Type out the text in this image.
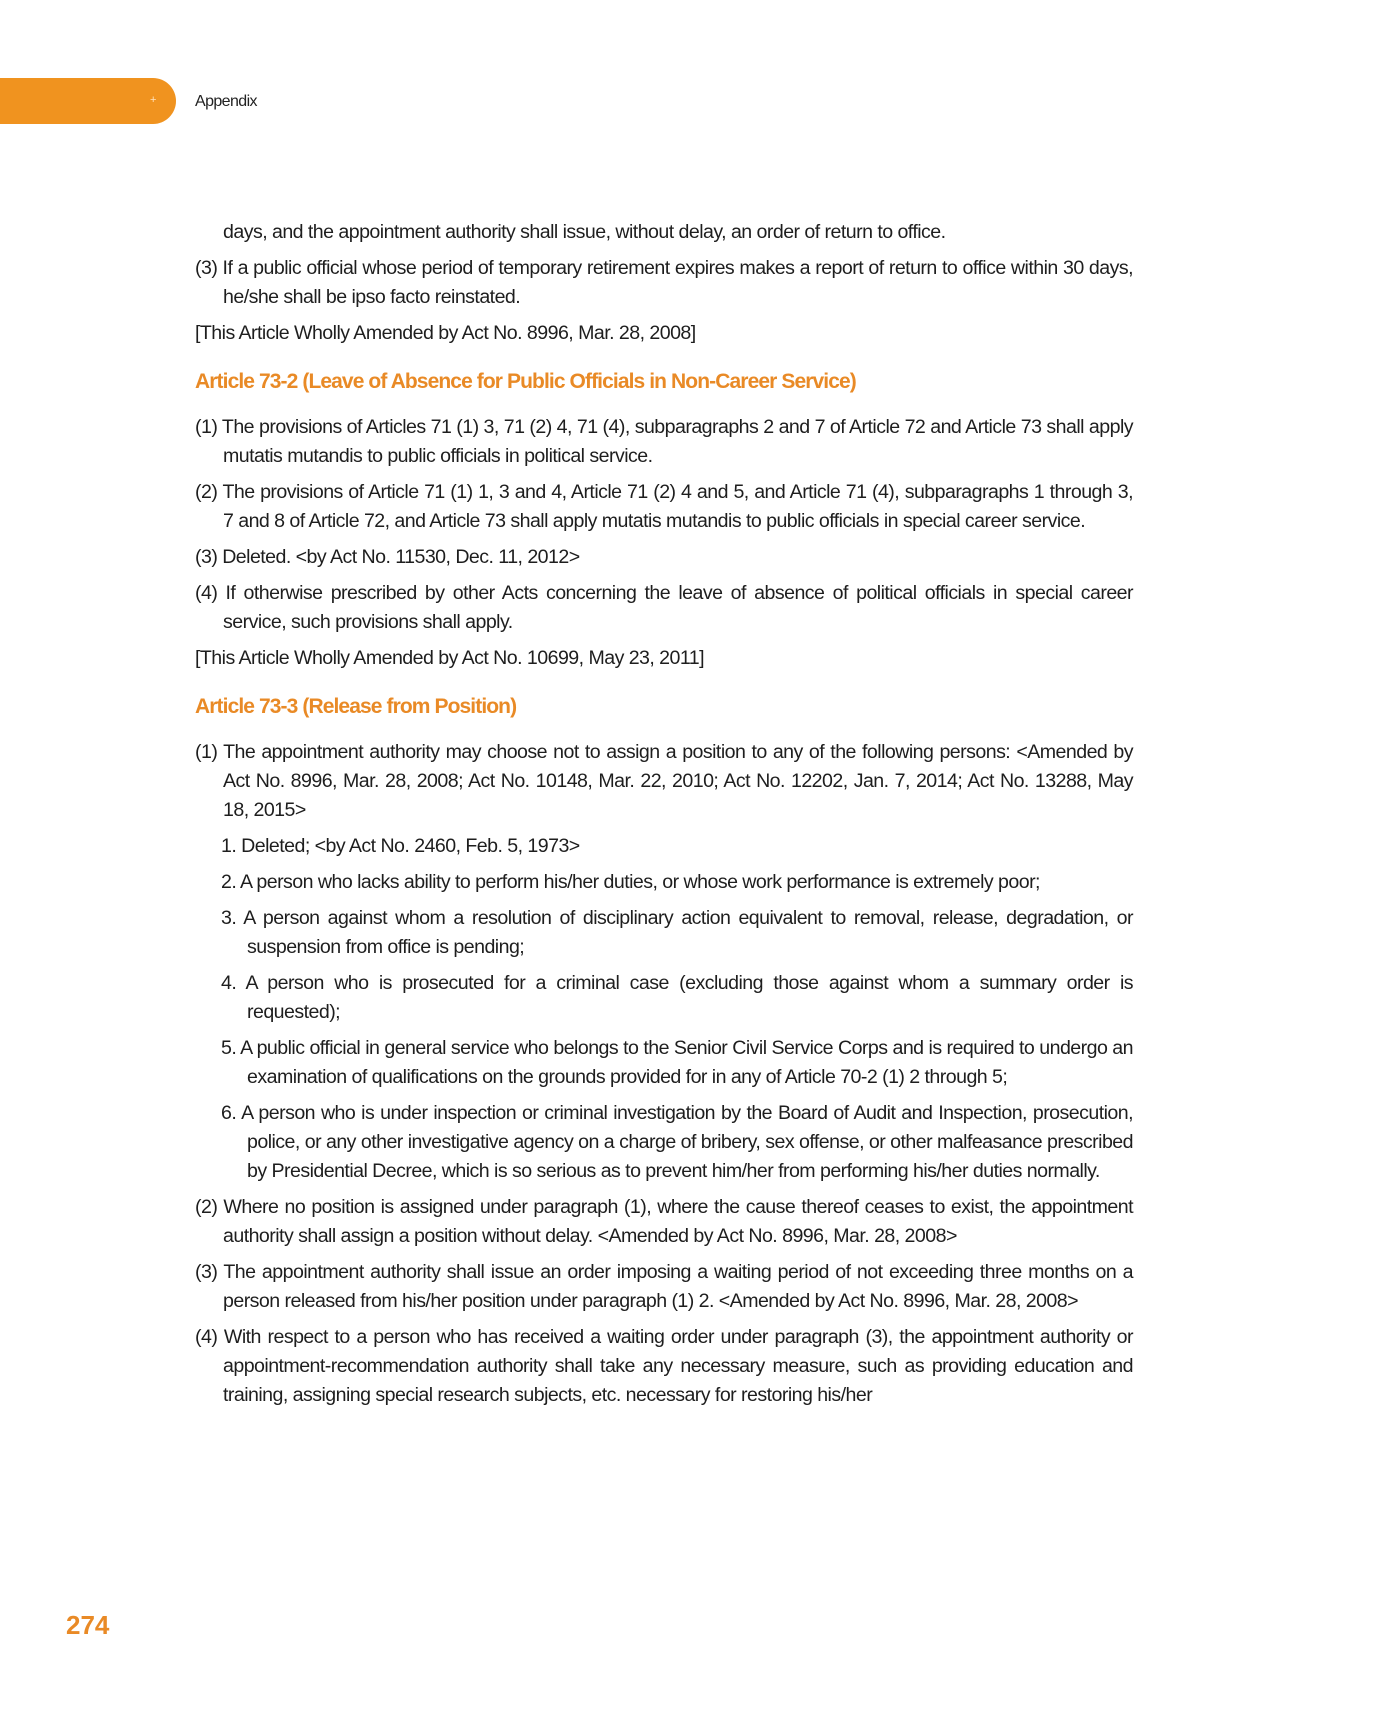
+ Appendix

days, and the appointment authority shall issue, without delay, an order of return to office.

(3) If a public official whose period of temporary retirement expires makes a report of return to office within 30 days, he/she shall be ipso facto reinstated.

[This Article Wholly Amended by Act No. 8996, Mar. 28, 2008]

Article 73-2 (Leave of Absence for Public Officials in Non-Career Service)

(1) The provisions of Articles 71 (1) 3, 71 (2) 4, 71 (4), subparagraphs 2 and 7 of Article 72 and Article 73 shall apply mutatis mutandis to public officials in political service.

(2) The provisions of Article 71 (1) 1, 3 and 4, Article 71 (2) 4 and 5, and Article 71 (4), subparagraphs 1 through 3, 7 and 8 of Article 72, and Article 73 shall apply mutatis mutandis to public officials in special career service.

(3) Deleted. <by Act No. 11530, Dec. 11, 2012>

(4) If otherwise prescribed by other Acts concerning the leave of absence of political officials in special career service, such provisions shall apply.

[This Article Wholly Amended by Act No. 10699, May 23, 2011]

Article 73-3 (Release from Position)

(1) The appointment authority may choose not to assign a position to any of the following persons: <Amended by Act No. 8996, Mar. 28, 2008; Act No. 10148, Mar. 22, 2010; Act No. 12202, Jan. 7, 2014; Act No. 13288, May 18, 2015>

1. Deleted; <by Act No. 2460, Feb. 5, 1973>

2. A person who lacks ability to perform his/her duties, or whose work performance is extremely poor;

3. A person against whom a resolution of disciplinary action equivalent to removal, release, degradation, or suspension from office is pending;

4. A person who is prosecuted for a criminal case (excluding those against whom a summary order is requested);

5. A public official in general service who belongs to the Senior Civil Service Corps and is required to undergo an examination of qualifications on the grounds provided for in any of Article 70-2 (1) 2 through 5;

6. A person who is under inspection or criminal investigation by the Board of Audit and Inspection, prosecution, police, or any other investigative agency on a charge of bribery, sex offense, or other malfeasance prescribed by Presidential Decree, which is so serious as to prevent him/her from performing his/her duties normally.

(2) Where no position is assigned under paragraph (1), where the cause thereof ceases to exist, the appointment authority shall assign a position without delay. <Amended by Act No. 8996, Mar. 28, 2008>

(3) The appointment authority shall issue an order imposing a waiting period of not exceeding three months on a person released from his/her position under paragraph (1) 2. <Amended by Act No. 8996, Mar. 28, 2008>

(4) With respect to a person who has received a waiting order under paragraph (3), the appointment authority or appointment-recommendation authority shall take any necessary measure, such as providing education and training, assigning special research subjects, etc. necessary for restoring his/her

274
